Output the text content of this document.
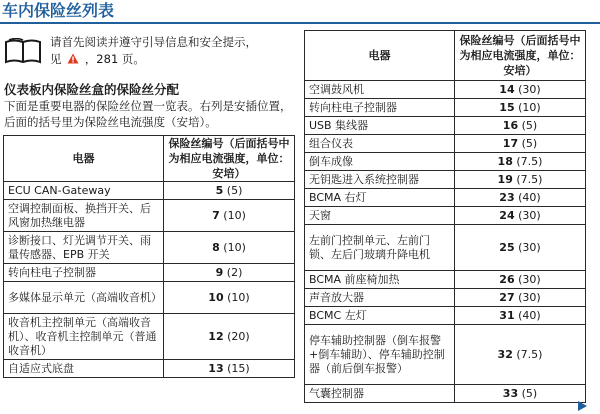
车内保险丝列表
请首先阅读并遵守引导信息和安全提示，
见 ，281 页。
仪表板内保险丝盒的保险丝分配
下面是重要电器的保险丝位置一览表。右列是安插位置，后面的括号里为保险丝电流强度（安培）。
电器	保险丝编号（后面括号中为相应电流强度，单位：安培）
ECU CAN-Gateway	5 (5)
空调控制面板、换挡开关、后风窗加热继电器	7 (10)
诊断接口、灯光调节开关、雨量传感器、EPB 开关	8 (10)
转向柱电子控制器	9 (2)
多媒体显示单元（高端收音机）	10 (10)
收音机主控制单元（高端收音机）、收音机主控制单元（普通收音机）	12 (20)
自适应式底盘	13 (15)
电器	保险丝编号（后面括号中为相应电流强度，单位：安培）
空调鼓风机	14 (30)
转向柱电子控制器	15 (10)
USB 集线器	16 (5)
组合仪表	17 (5)
倒车成像	18 (7.5)
无钥匙进入系统控制器	19 (7.5)
BCMA 右灯	23 (40)
天窗	24 (30)
左前门控制单元、左前门锁、左后门玻璃升降电机	25 (30)
BCMA 前座椅加热	26 (30)
声音放大器	27 (30)
BCMC 左灯	31 (40)
停车辅助控制器（倒车报警+倒车辅助）、停车辅助控制器（前后倒车报警）	32 (7.5)
气囊控制器	33 (5)
